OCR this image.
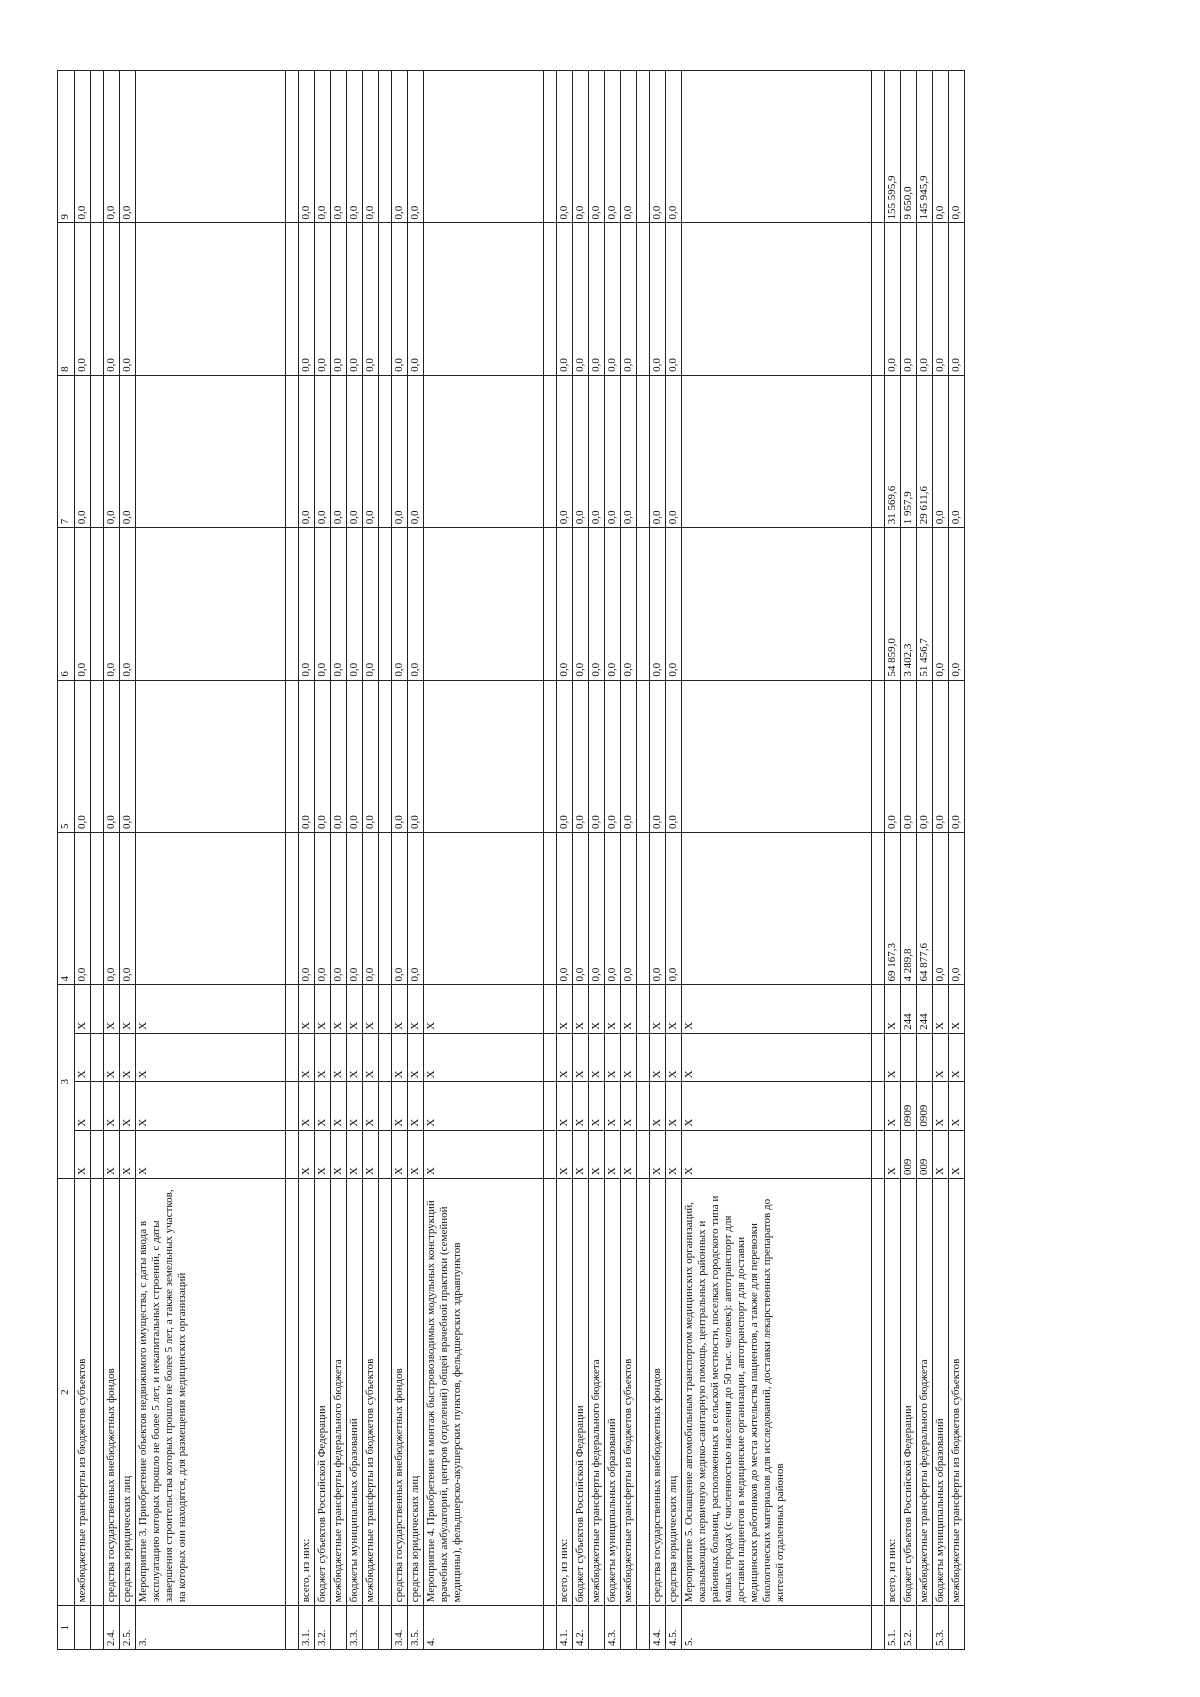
1	2	3				4	5	6	7	8	9
	межбюджетные трансферты из бюджетов субъектов	X	X	X	X	0,0	0,0	0,0	0,0	0,0	0,0

2.4.	средства государственных внебюджетных фондов	X	X	X	X	0,0	0,0	0,0	0,0	0,0	0,0
2.5.	средства юридических лиц	X	X	X	X	0,0	0,0	0,0	0,0	0,0	0,0
3.	Мероприятие 3. Приобретение объектов недвижимого имущества, с даты ввода в эксплуатацию которых прошло не более 5 лет, и некапитальных строений, с даты завершения строительства которых прошло не более 5 лет, а также земельных участков, на которых они находятся, для размещения медицинских организаций	X	X	X	X						

3.1.	всего, из них:	X	X	X	X	0,0	0,0	0,0	0,0	0,0	0,0
3.2.	бюджет субъектов Российской Федерации	X	X	X	X	0,0	0,0	0,0	0,0	0,0	0,0
	межбюджетные трансферты федерального бюджета	X	X	X	X	0,0	0,0	0,0	0,0	0,0	0,0
3.3.	бюджеты муниципальных образований	X	X	X	X	0,0	0,0	0,0	0,0	0,0	0,0
	межбюджетные трансферты из бюджетов субъектов	X	X	X	X	0,0	0,0	0,0	0,0	0,0	0,0

3.4.	средства государственных внебюджетных фондов	X	X	X	X	0,0	0,0	0,0	0,0	0,0	0,0
3.5.	средства юридических лиц	X	X	X	X	0,0	0,0	0,0	0,0	0,0	0,0
4.	Мероприятие 4. Приобретение и монтаж быстровозводимых модульных конструкций врачебных амбулаторий, центров (отделений) общей врачебной практики (семейной медицины), фельдшерско-акушерских пунктов, фельдшерских здравпунктов	X	X	X	X						

4.1.	всего, из них:	X	X	X	X	0,0	0,0	0,0	0,0	0,0	0,0
4.2.	бюджет субъектов Российской Федерации	X	X	X	X	0,0	0,0	0,0	0,0	0,0	0,0
	межбюджетные трансферты федерального бюджета	X	X	X	X	0,0	0,0	0,0	0,0	0,0	0,0
4.3.	бюджеты муниципальных образований	X	X	X	X	0,0	0,0	0,0	0,0	0,0	0,0
	межбюджетные трансферты из бюджетов субъектов	X	X	X	X	0,0	0,0	0,0	0,0	0,0	0,0

4.4.	средства государственных внебюджетных фондов	X	X	X	X	0,0	0,0	0,0	0,0	0,0	0,0
4.5.	средства юридических лиц	X	X	X	X	0,0	0,0	0,0	0,0	0,0	0,0
5.	Мероприятие 5. Оснащение автомобильным транспортом медицинских организаций, оказывающих первичную медико-санитарную помощь, центральных районных и районных больниц, расположенных в сельской местности, поселках городского типа и малых городах (с численностью населения до 50 тыс. человек): автотранспорт для доставки пациентов в медицинские организации, автотранспорт для доставки медицинских работников до места жительства пациентов, а также для перевозки биологических материалов для исследований, доставки лекарственных препаратов до жителей отдаленных районов	X	X	X	X						

5.1.	всего, из них:	X	X	X	X	69 167,3	0,0	54 859,0	31 569,6	0,0	155 595,9
5.2.	бюджет субъектов Российской Федерации	009	0909		244	4 289,8	0,0	3 402,3	1 957,9	0,0	9 650,0
	межбюджетные трансферты федерального бюджета	009	0909		244	64 877,6	0,0	51 456,7	29 611,6	0,0	145 945,9
5.3.	бюджеты муниципальных образований	X	X	X	X	0,0	0,0	0,0	0,0	0,0	0,0
	межбюджетные трансферты из бюджетов субъектов	X	X	X	X	0,0	0,0	0,0	0,0	0,0	0,0
